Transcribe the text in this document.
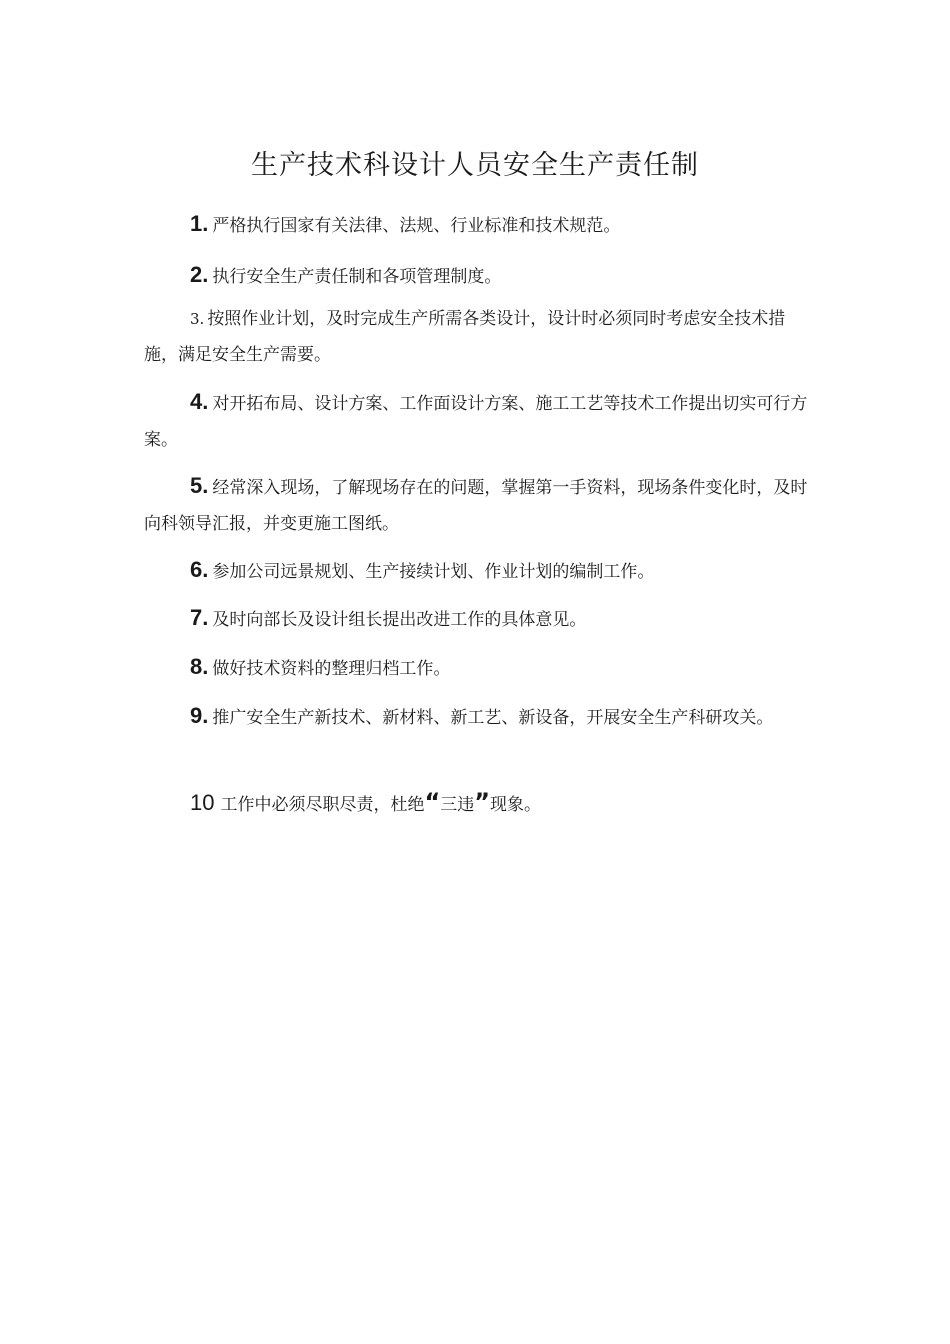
生产技术科设计人员安全生产责任制

1. 严格执行国家有关法律、法规、行业标准和技术规范。

2. 执行安全生产责任制和各项管理制度。

3. 按照作业计划，及时完成生产所需各类设计，设计时必须同时考虑安全技术措施，满足安全生产需要。

4. 对开拓布局、设计方案、工作面设计方案、施工工艺等技术工作提出切实可行方案。

5. 经常深入现场，了解现场存在的问题，掌握第一手资料，现场条件变化时，及时向科领导汇报，并变更施工图纸。

6. 参加公司远景规划、生产接续计划、作业计划的编制工作。

7. 及时向部长及设计组长提出改进工作的具体意见。

8. 做好技术资料的整理归档工作。

9. 推广安全生产新技术、新材料、新工艺、新设备，开展安全生产科研攻关。

10 工作中必须尽职尽责，杜绝“三违”现象。
